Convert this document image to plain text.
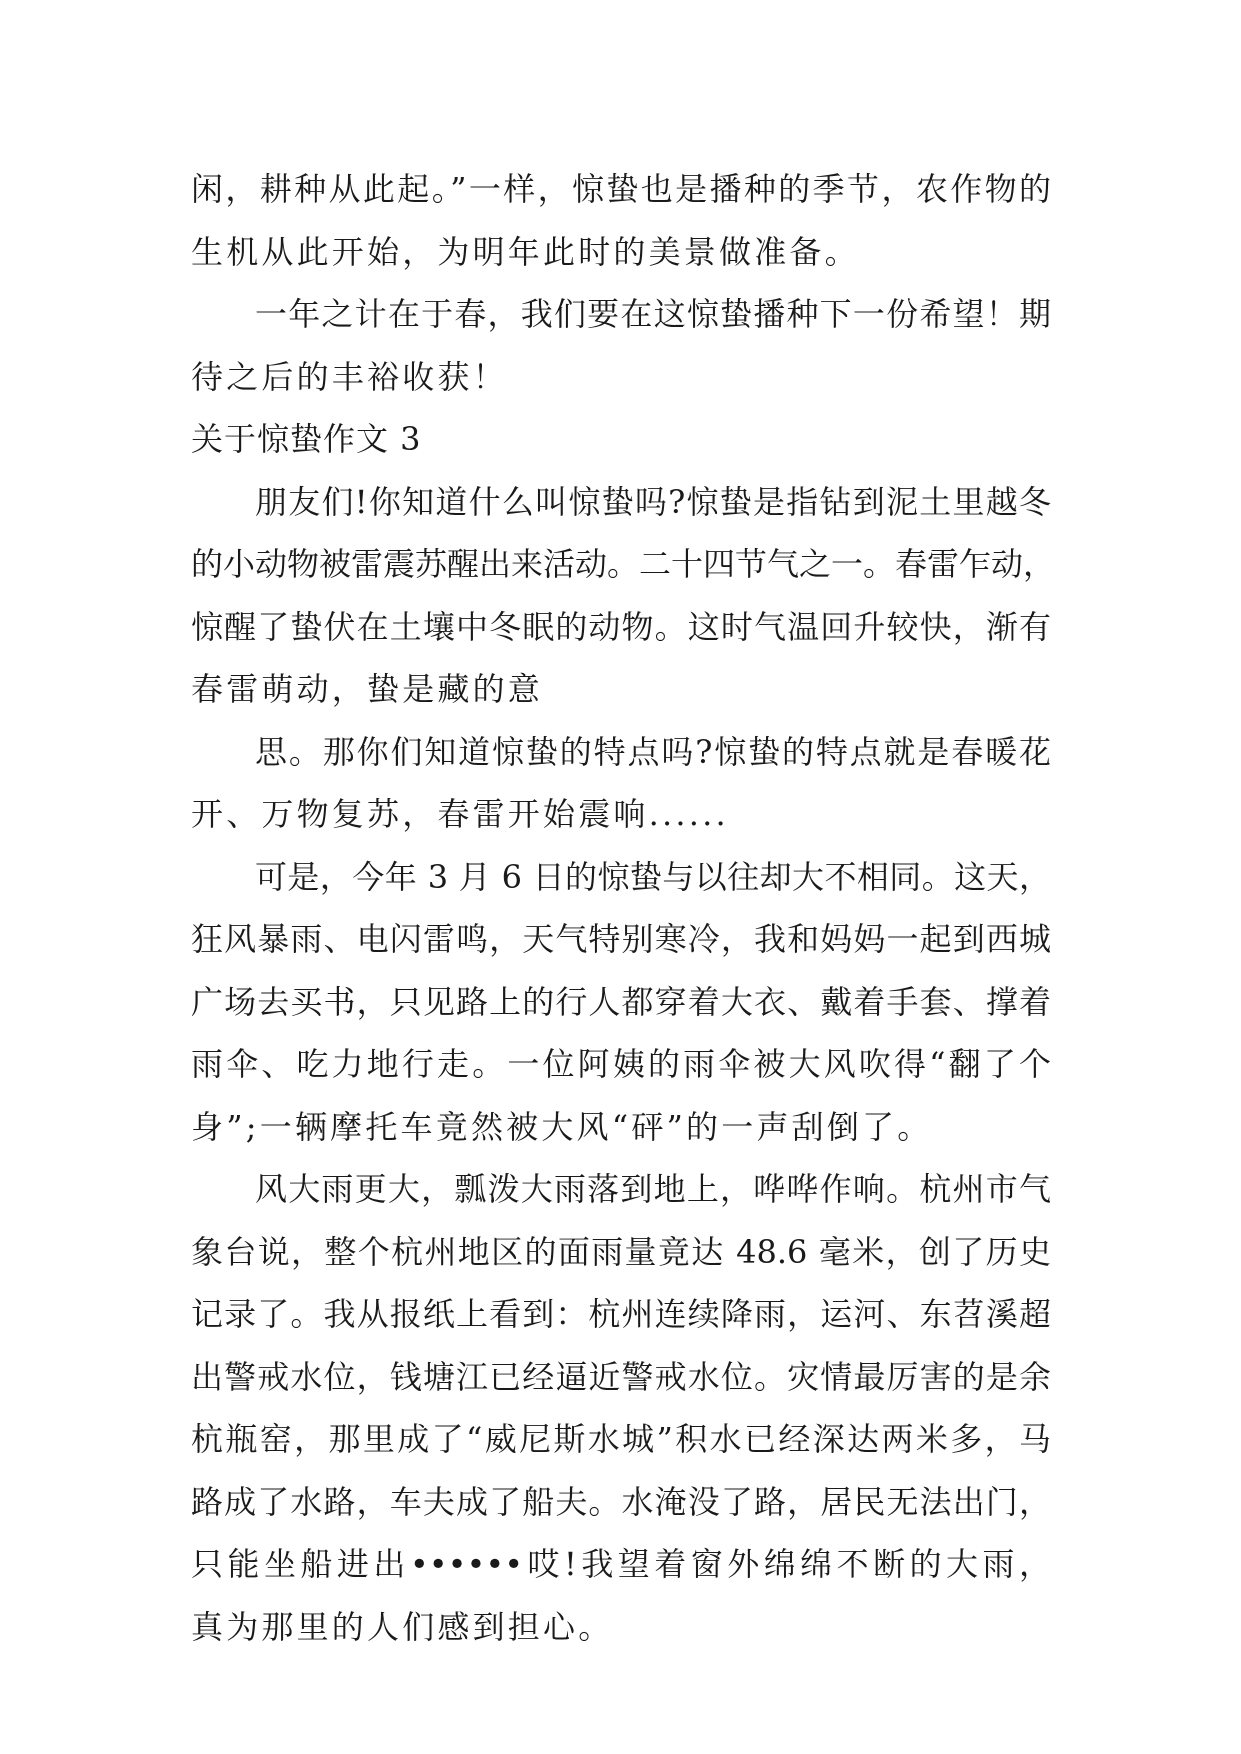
闲，耕种从此起。”一样，惊蛰也是播种的季节，农作物的
生机从此开始，为明年此时的美景做准备。
一年之计在于春，我们要在这惊蛰播种下一份希望！期
待之后的丰裕收获！
关于惊蛰作文 3
朋友们!你知道什么叫惊蛰吗?惊蛰是指钻到泥土里越冬
的小动物被雷震苏醒出来活动。二十四节气之一。春雷乍动，
惊醒了蛰伏在土壤中冬眠的动物。这时气温回升较快，渐有
春雷萌动，蛰是藏的意
思。那你们知道惊蛰的特点吗?惊蛰的特点就是春暖花
开、万物复苏，春雷开始震响......
可是，今年 3 月 6 日的惊蛰与以往却大不相同。这天，
狂风暴雨、电闪雷鸣，天气特别寒冷，我和妈妈一起到西城
广场去买书，只见路上的行人都穿着大衣、戴着手套、撑着
雨伞、吃力地行走。一位阿姨的雨伞被大风吹得“翻了个
身”;一辆摩托车竟然被大风“砰”的一声刮倒了。
风大雨更大，瓢泼大雨落到地上，哗哗作响。杭州市气
象台说，整个杭州地区的面雨量竟达 48.6 毫米，创了历史
记录了。我从报纸上看到：杭州连续降雨，运河、东苕溪超
出警戒水位，钱塘江已经逼近警戒水位。灾情最厉害的是余
杭瓶窑，那里成了“威尼斯水城”积水已经深达两米多，马
路成了水路，车夫成了船夫。水淹没了路，居民无法出门，
只能坐船进出••••••哎!我望着窗外绵绵不断的大雨，
真为那里的人们感到担心。
